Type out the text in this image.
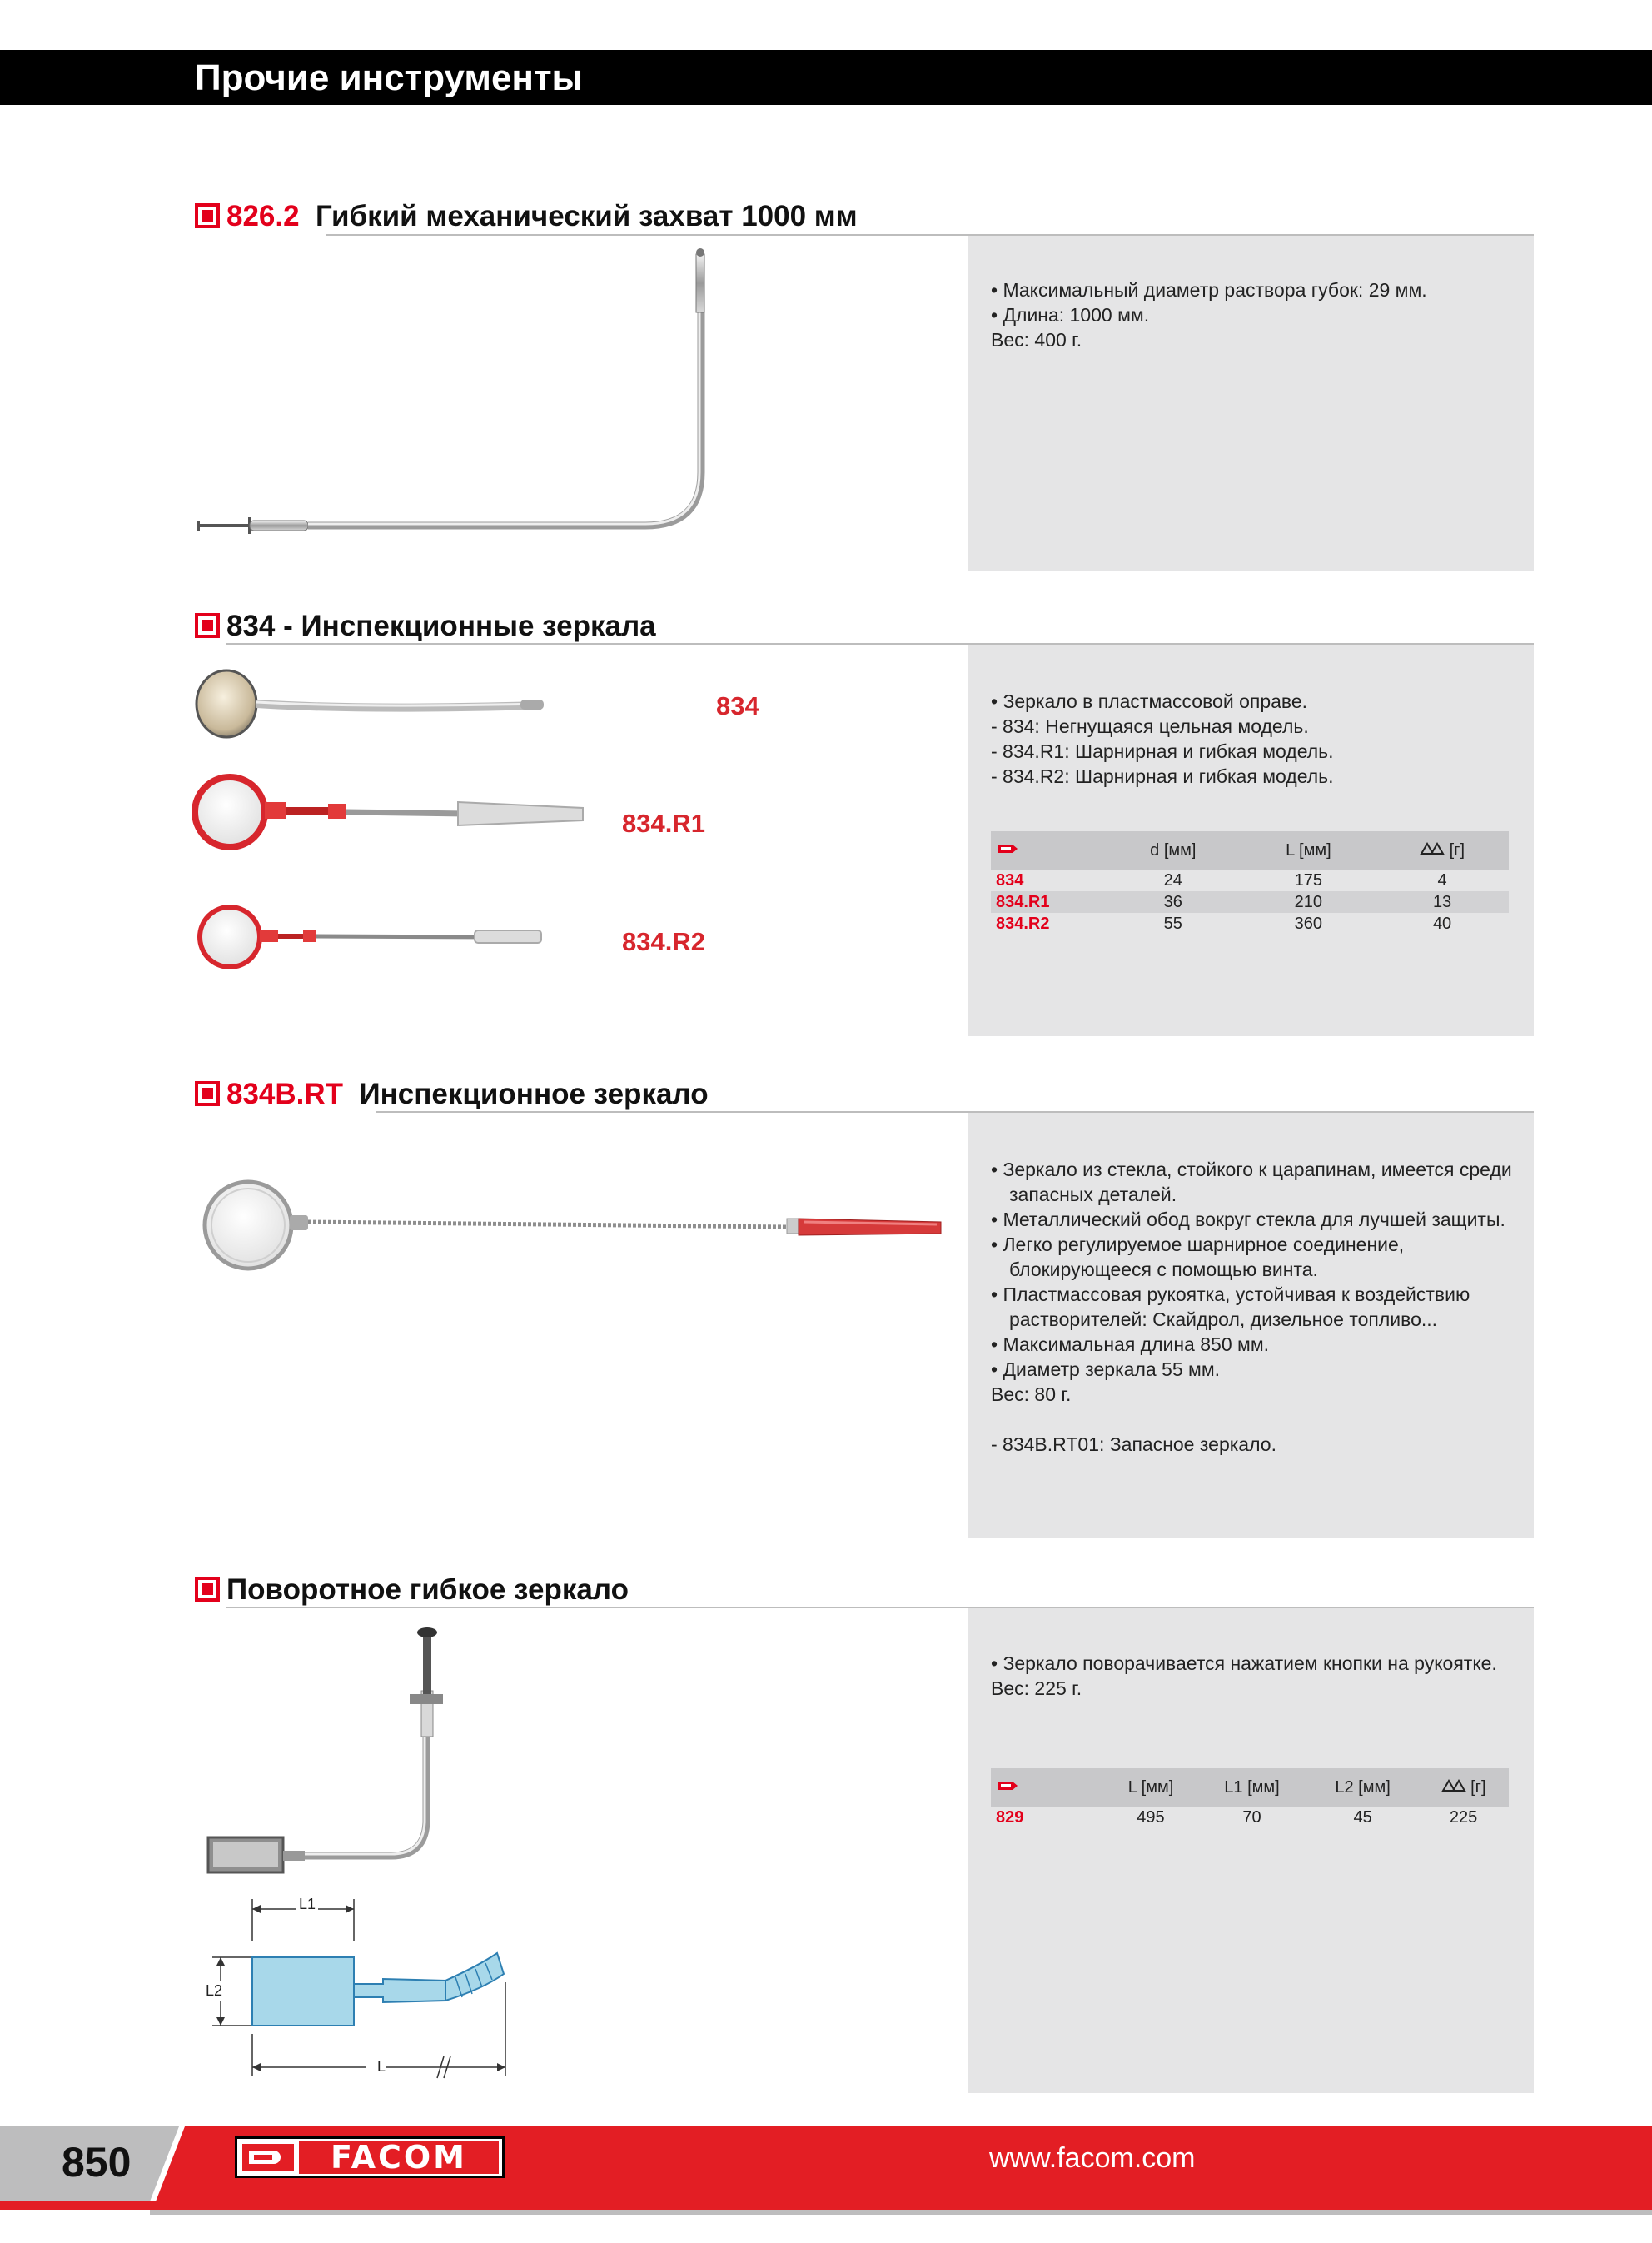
Прочие инструменты
826.2 Гибкий механический захват 1000 мм
• Максимальный диаметр раствора губок: 29 мм.
• Длина: 1000 мм.
Вес: 400 г.
834 - Инспекционные зеркала
• Зеркало в пластмассовой оправе.
- 834: Негнущаяся цельная модель.
- 834.R1: Шарнирная и гибкая модель.
- 834.R2: Шарнирная и гибкая модель.
	d [мм]	L [мм]	[г]
834	24	175	4
834.R1	36	210	13
834.R2	55	360	40
834
834.R1
834.R2
834B.RT Инспекционное зеркало
• Зеркало из стекла, стойкого к царапинам, имеется среди
запасных деталей.
• Металлический обод вокруг стекла для лучшей защиты.
• Легко регулируемое шарнирное соединение,
блокирующееся с помощью винта.
• Пластмассовая рукоятка, устойчивая к воздействию
растворителей: Скайдрол, дизельное топливо...
• Максимальная длина 850 мм.
• Диаметр зеркала 55 мм.
Вес: 80 г.
- 834B.RT01: Запасное зеркало.
Поворотное гибкое зеркало
• Зеркало поворачивается нажатием кнопки на рукоятке.
Вес: 225 г.
	L [мм]	L1 [мм]	L2 [мм]	[г]
829	495	70	45	225
L1
L2
L
850	FACOM	www.facom.com
